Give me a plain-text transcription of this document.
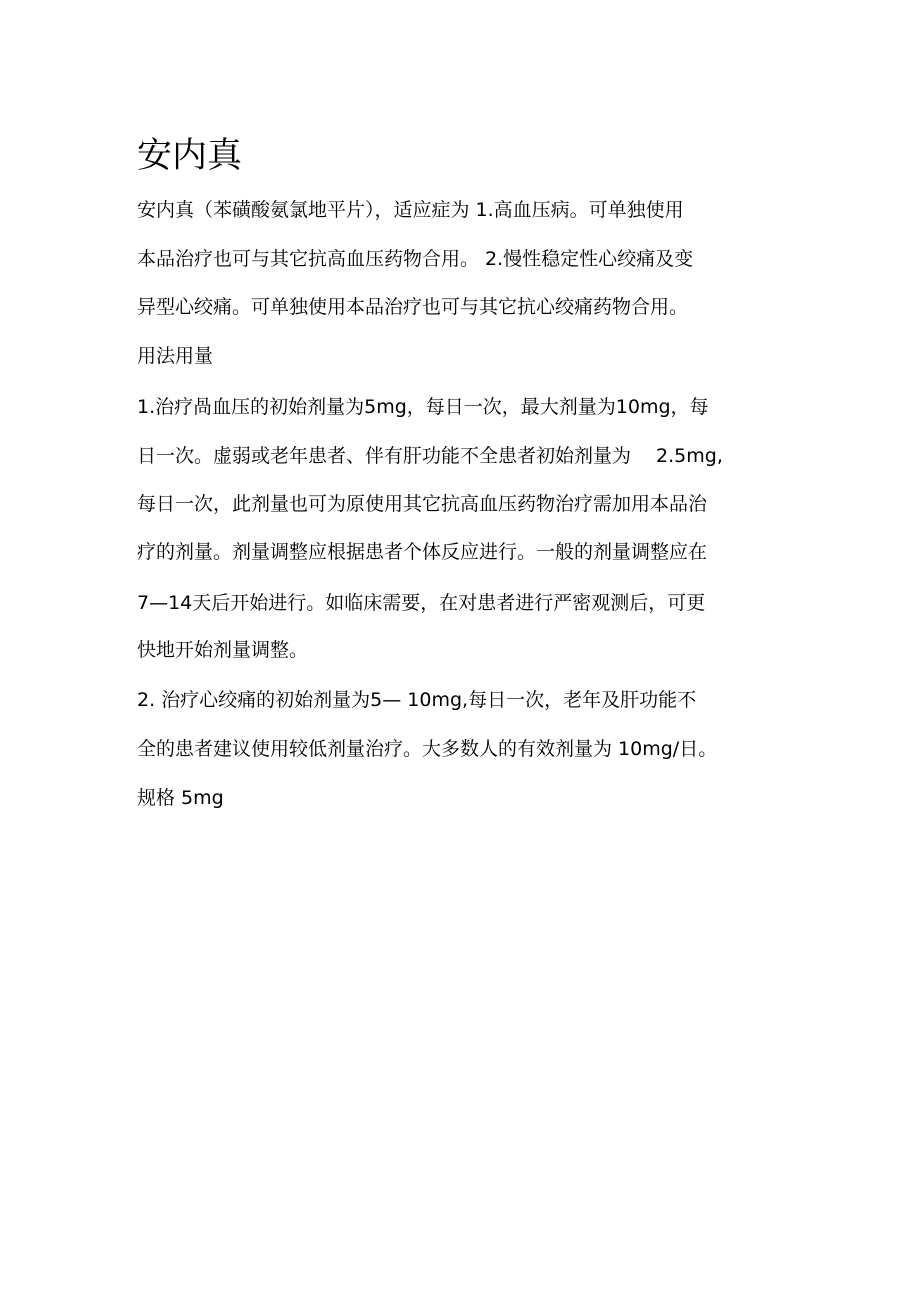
安内真

安内真（苯磺酸氨氯地平片），适应症为 1.高血压病。可单独使用

本品治疗也可与其它抗高血压药物合用。 2.慢性稳定性心绞痛及变

异型心绞痛。可单独使用本品治疗也可与其它抗心绞痛药物合用。

用法用量

1.治疗咼血压的初始剂量为5mg，每日一次，最大剂量为10mg，每

日一次。虚弱或老年患者、伴有肝功能不全患者初始剂量为　 2.5mg,

每日一次，此剂量也可为原使用其它抗高血压药物治疗需加用本品治

疗的剂量。剂量调整应根据患者个体反应进行。一般的剂量调整应在

7—14天后开始进行。如临床需要，在对患者进行严密观测后，可更

快地开始剂量调整。

2. 治疗心绞痛的初始剂量为5— 10mg,每日一次，老年及肝功能不

全的患者建议使用较低剂量治疗。大多数人的有效剂量为 10mg/日。

规格 5mg
